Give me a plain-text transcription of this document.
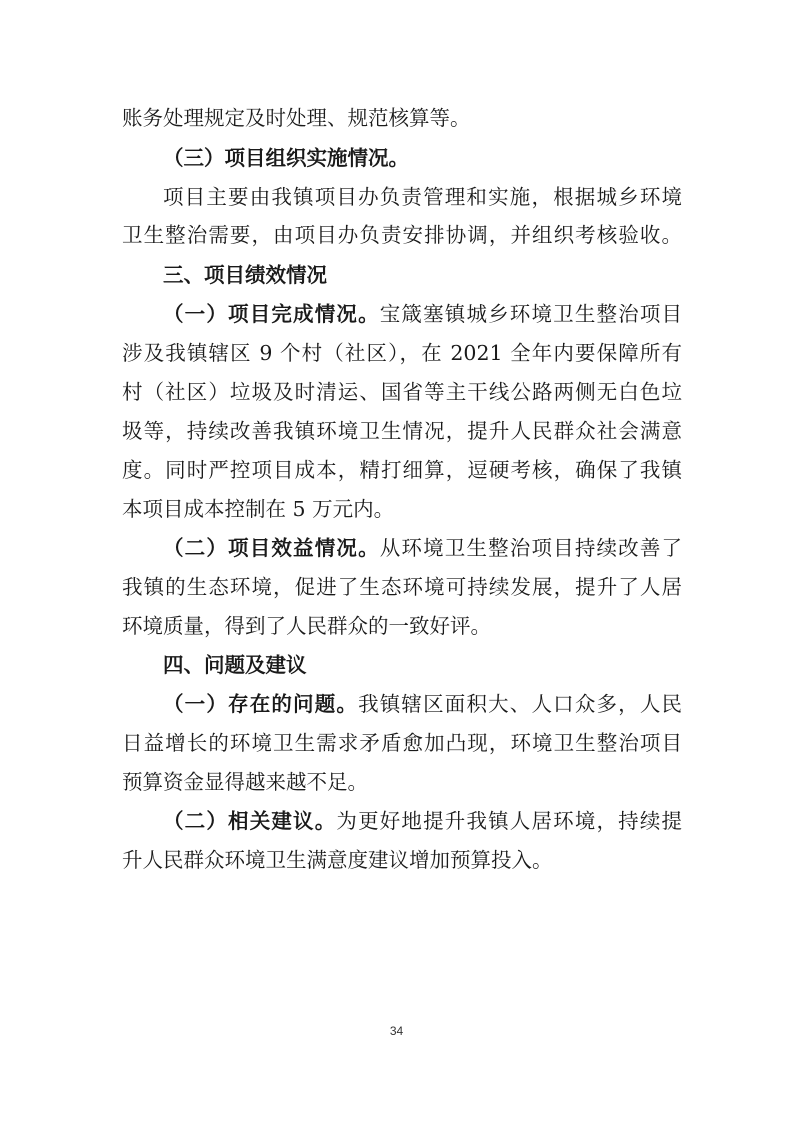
账务处理规定及时处理、规范核算等。
（三）项目组织实施情况。
项目主要由我镇项目办负责管理和实施，根据城乡环境
卫生整治需要，由项目办负责安排协调，并组织考核验收。
三、项目绩效情况
（一）项目完成情况。宝箴塞镇城乡环境卫生整治项目
涉及我镇辖区 9 个村（社区），在 2021 全年内要保障所有
村（社区）垃圾及时清运、国省等主干线公路两侧无白色垃
圾等，持续改善我镇环境卫生情况，提升人民群众社会满意
度。同时严控项目成本，精打细算，逗硬考核，确保了我镇
本项目成本控制在 5 万元内。
（二）项目效益情况。从环境卫生整治项目持续改善了
我镇的生态环境，促进了生态环境可持续发展，提升了人居
环境质量，得到了人民群众的一致好评。
四、问题及建议
（一）存在的问题。我镇辖区面积大、人口众多，人民
日益增长的环境卫生需求矛盾愈加凸现，环境卫生整治项目
预算资金显得越来越不足。
（二）相关建议。为更好地提升我镇人居环境，持续提
升人民群众环境卫生满意度建议增加预算投入。
34
